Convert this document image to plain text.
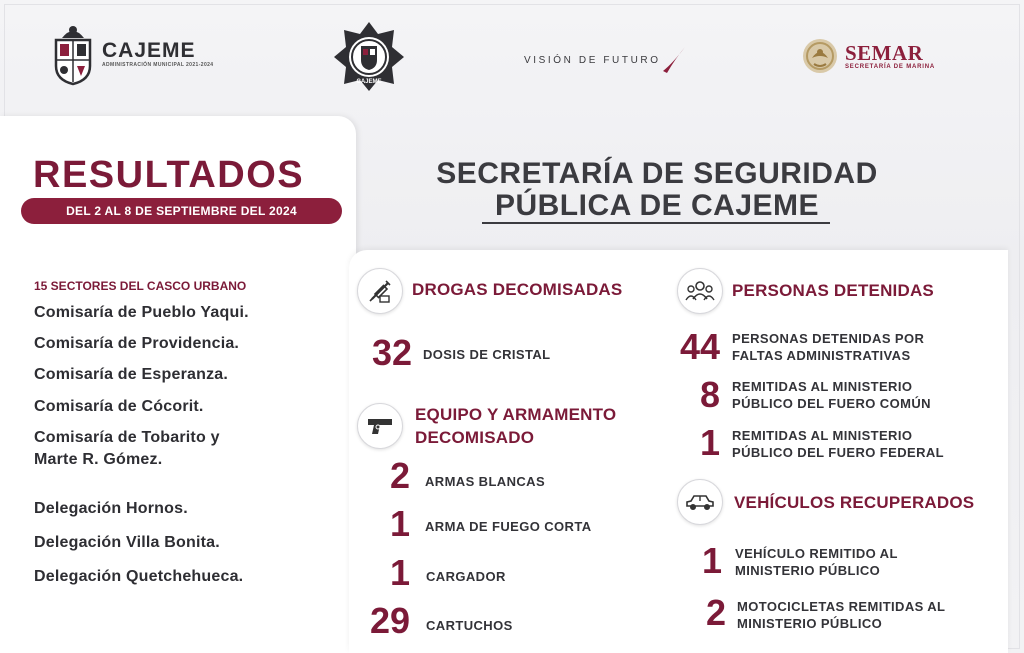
CAJEME
ADMINISTRACIÓN MUNICIPAL 2021-2024
CAJEME
VISIÓN DE FUTURO	SEMAR
SECRETARÍA DE MARINA
RESULTADOS
DEL 2 AL 8 DE SEPTIEMBRE DEL 2024
15 SECTORES DEL CASCO URBANO
Comisaría de Pueblo Yaqui.
Comisaría de Providencia.
Comisaría de Esperanza.
Comisaría de Cócorit.
Comisaría de Tobarito y
Marte R. Gómez.
Delegación Hornos.
Delegación Villa Bonita.
Delegación Quetchehueca.
SECRETARÍA DE SEGURIDAD
PÚBLICA DE CAJEME
DROGAS DECOMISADAS
32 DOSIS DE CRISTAL
EQUIPO Y ARMAMENTO
DECOMISADO
2 ARMAS BLANCAS
1 ARMA DE FUEGO CORTA
1 CARGADOR
29 CARTUCHOS
PERSONAS DETENIDAS
44 PERSONAS DETENIDAS POR
FALTAS ADMINISTRATIVAS
8 REMITIDAS AL MINISTERIO
PÚBLICO DEL FUERO COMÚN
1 REMITIDAS AL MINISTERIO
PÚBLICO DEL FUERO FEDERAL
VEHÍCULOS RECUPERADOS
1 VEHÍCULO REMITIDO AL
MINISTERIO PÚBLICO
2 MOTOCICLETAS REMITIDAS AL
MINISTERIO PÚBLICO
